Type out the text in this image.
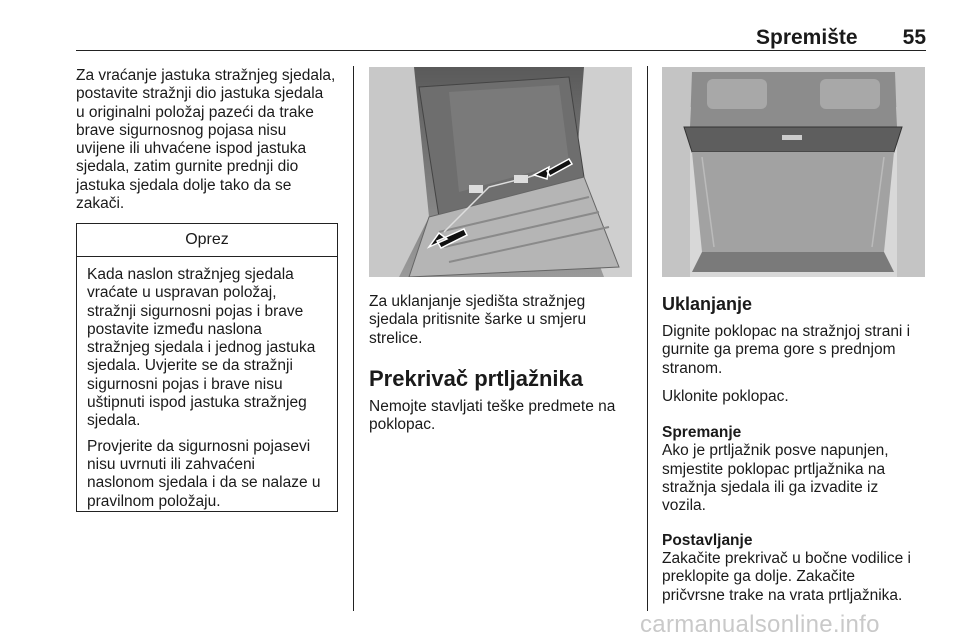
Spremište	55

Za vraćanje jastuka stražnjeg sjedala,
postavite stražnji dio jastuka sjedala
u originalni položaj pazeći da trake
brave sigurnosnog pojasa nisu
uvijene ili uhvaćene ispod jastuka
sjedala, zatim gurnite prednji dio
jastuka sjedala dolje tako da se
zakači.

Oprez

Kada naslon stražnjeg sjedala
vraćate u uspravan položaj,
stražnji sigurnosni pojas i brave
postavite između naslona
stražnjeg sjedala i jednog jastuka
sjedala. Uvjerite se da stražnji
sigurnosni pojas i brave nisu
uštipnuti ispod jastuka stražnjeg
sjedala.

Provjerite da sigurnosni pojasevi
nisu uvrnuti ili zahvaćeni
naslonom sjedala i da se nalaze u
pravilnom položaju.

Za uklanjanje sjedišta stražnjeg
sjedala pritisnite šarke u smjeru
strelice.

Prekrivač prtljažnika

Nemojte stavljati teške predmete na
poklopac.

Uklanjanje

Dignite poklopac na stražnjoj strani i
gurnite ga prema gore s prednjom
stranom.

Uklonite poklopac.

Spremanje

Ako je prtljažnik posve napunjen,
smjestite poklopac prtljažnika na
stražnja sjedala ili ga izvadite iz
vozila.

Postavljanje

Zakačite prekrivač u bočne vodilice i
preklopite ga dolje. Zakačite
pričvrsne trake na vrata prtljažnika.

carmanualsonline.info
